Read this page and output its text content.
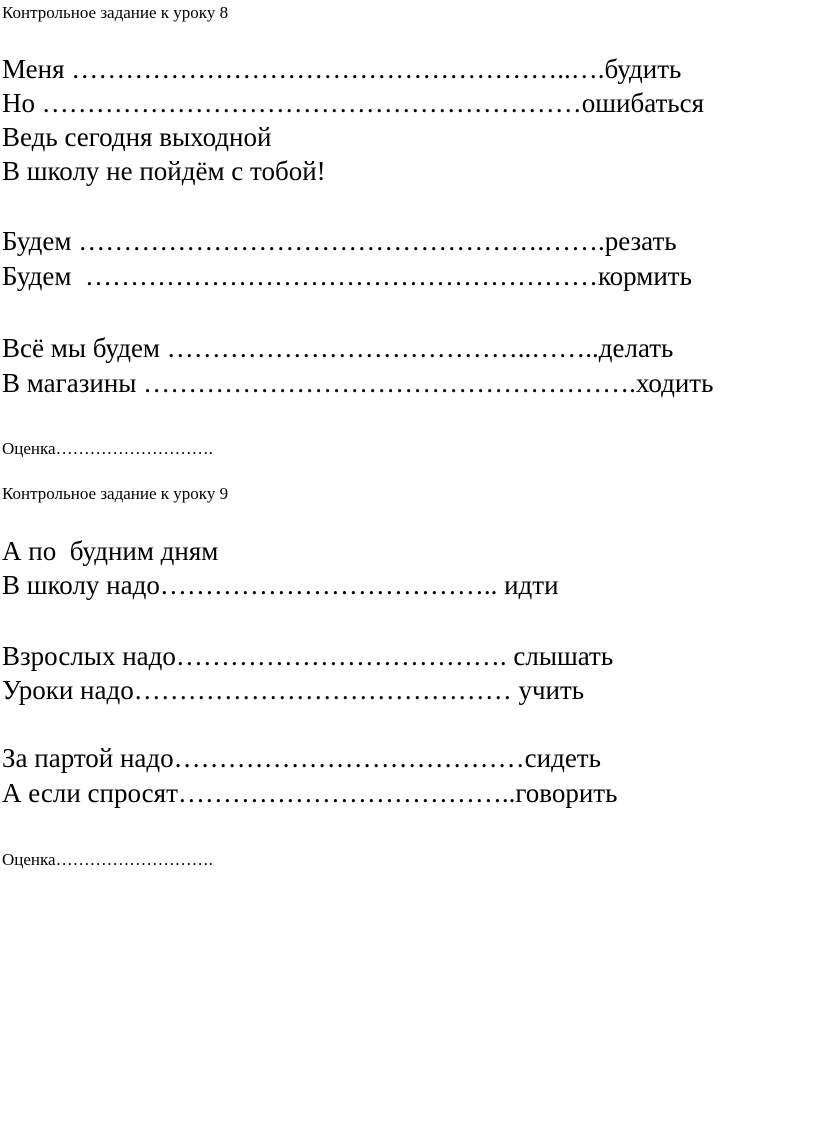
Контрольное задание к уроку 8
Меня ………………………………………………..….будить
Но ……………………………………………………ошибаться
Ведь сегодня выходной
В школу не пойдём с тобой!
Будем …………………………………………….…….резать
Будем  …………………………………………………кормить
Всё мы будем …………………………………..……..делать
В магазины ……………………………………………….ходить
Оценка……………………….
Контрольное задание к уроку 9
А по  будним дням
В школу надо……………………………….. идти
Взрослых надо………………………………. слышать
Уроки надо…………………………………… учить
За партой надо…………………………………сидеть
А если спросят………………………………..говорить
Оценка……………………….
